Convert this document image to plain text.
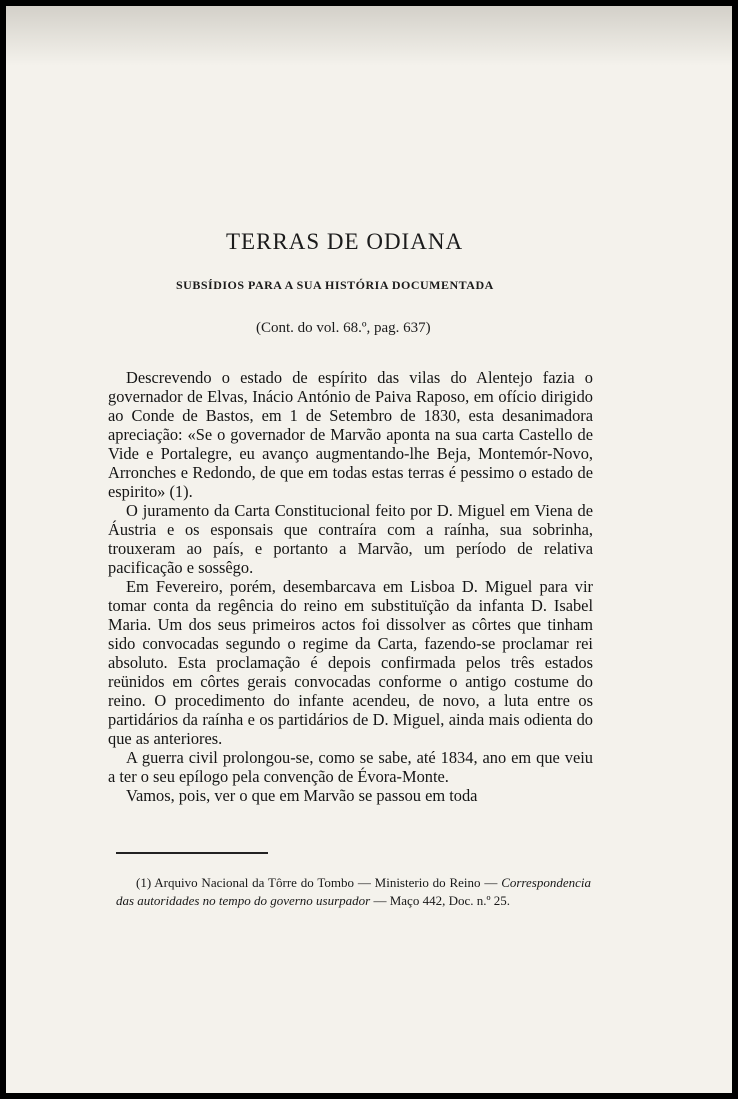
TERRAS DE ODIANA
SUBSÍDIOS PARA A SUA HISTÓRIA DOCUMENTADA
(Cont. do vol. 68.º, pag. 637)

Descrevendo o estado de espírito das vilas do Alentejo fazia o governador de Elvas, Inácio António de Paiva Raposo, em ofício dirigido ao Conde de Bastos, em 1 de Setembro de 1830, esta desanimadora apreciação: «Se o governador de Marvão aponta na sua carta Castello de Vide e Portalegre, eu avanço augmentando-lhe Beja, Montemór-Novo, Arronches e Redondo, de que em todas estas terras é pessimo o estado de espirito» (1).

O juramento da Carta Constitucional feito por D. Miguel em Viena de Áustria e os esponsais que contraíra com a raínha, sua sobrinha, trouxeram ao país, e portanto a Marvão, um período de relativa pacificação e sossêgo.

Em Fevereiro, porém, desembarcava em Lisboa D. Miguel para vir tomar conta da regência do reino em substituïção da infanta D. Isabel Maria. Um dos seus primeiros actos foi dissolver as côrtes que tinham sido convocadas segundo o regime da Carta, fazendo-se proclamar rei absoluto. Esta proclamação é depois confirmada pelos três estados reünidos em côrtes gerais convocadas conforme o antigo costume do reino. O procedimento do infante acendeu, de novo, a luta entre os partidários da raínha e os partidários de D. Miguel, ainda mais odienta do que as anteriores.

A guerra civil prolongou-se, como se sabe, até 1834, ano em que veiu a ter o seu epílogo pela convenção de Évora-Monte.

Vamos, pois, ver o que em Marvão se passou em toda

(1) Arquivo Nacional da Tôrre do Tombo — Ministerio do Reino — Correspondencia das autoridades no tempo do governo usurpador — Maço 442, Doc. n.º 25.
